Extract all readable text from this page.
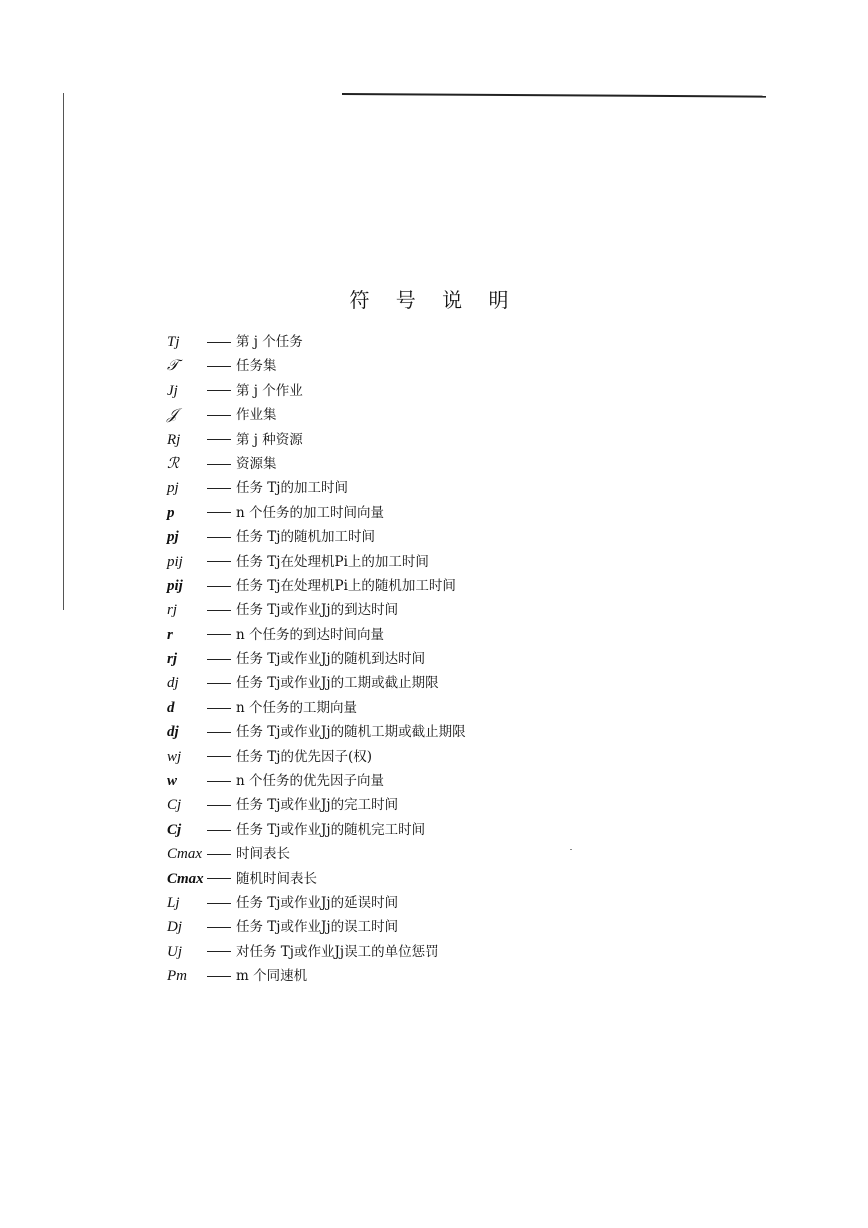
符 号 说 明
Tj	第 j 个任务
𝒯	任务集
Jj	第 j 个作业
𝒥	作业集
Rj	第 j 种资源
ℛ	资源集
pj	任务 Tj的加工时间
p	n 个任务的加工时间向量
pj	任务 Tj的随机加工时间
pij	任务 Tj在处理机Pi上的加工时间
pij	任务 Tj在处理机Pi上的随机加工时间
rj	任务 Tj或作业Jj的到达时间
r	n 个任务的到达时间向量
rj	任务 Tj或作业Jj的随机到达时间
dj	任务 Tj或作业Jj的工期或截止期限
d	n 个任务的工期向量
dj	任务 Tj或作业Jj的随机工期或截止期限
wj	任务 Tj的优先因子(权)
w	n 个任务的优先因子向量
Cj	任务 Tj或作业Jj的完工时间
Cj	任务 Tj或作业Jj的随机完工时间
Cmax	时间表长
Cmax 随机时间表长
Lj	任务 Tj或作业Jj的延误时间
Dj	任务 Tj或作业Jj的误工时间
Uj	对任务 Tj或作业Jj误工的单位惩罚
Pm	m 个同速机
